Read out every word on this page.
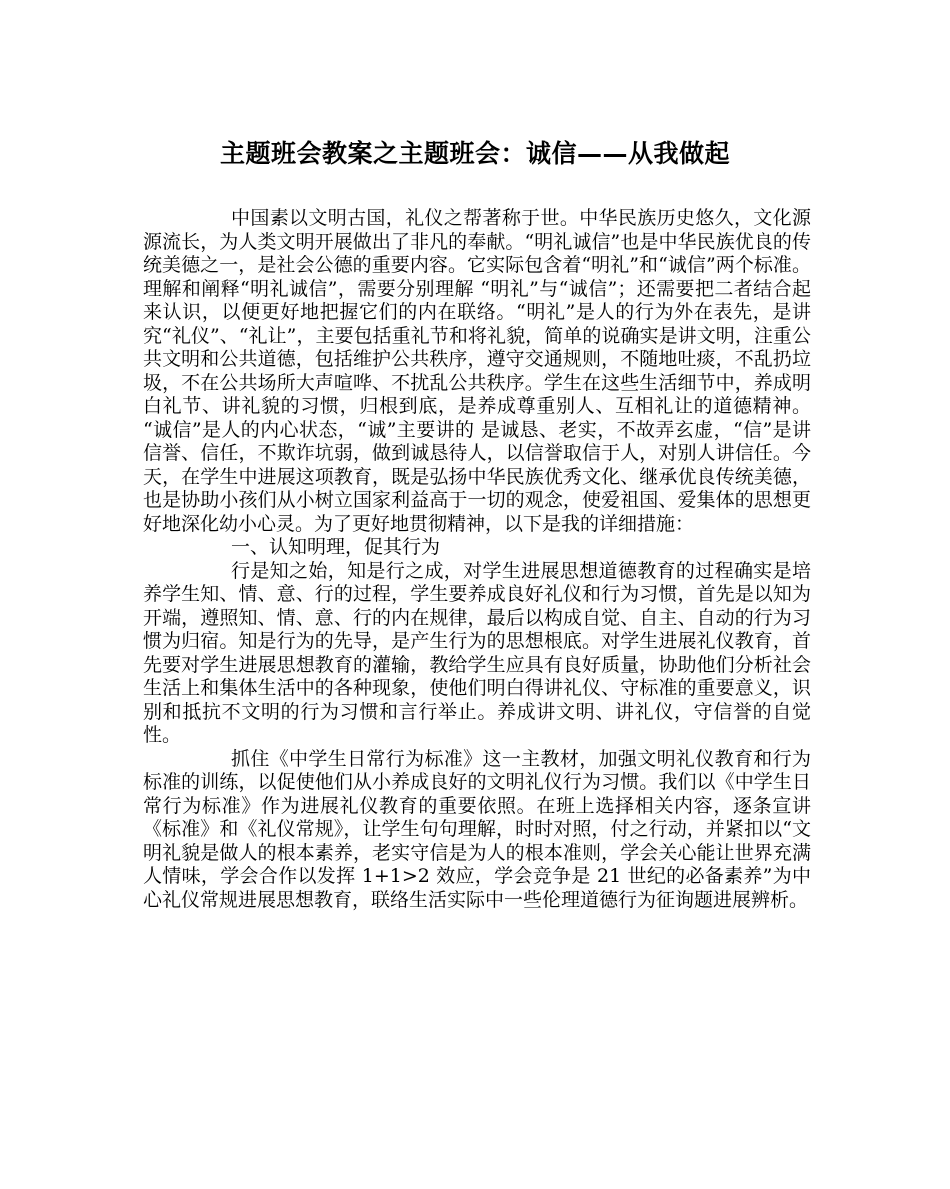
主题班会教案之主题班会：诚信——从我做起

中国素以文明古国，礼仪之帮著称于世。中华民族历史悠久，文化源源流长，为人类文明开展做出了非凡的奉献。“明礼诚信”也是中华民族优良的传统美德之一，是社会公德的重要内容。它实际包含着“明礼”和“诚信”两个标准。理解和阐释“明礼诚信”，需要分别理解 “明礼”与“诚信”；还需要把二者结合起来认识，以便更好地把握它们的内在联络。“明礼”是人的行为外在表先，是讲究“礼仪”、“礼让”，主要包括重礼节和将礼貌，简单的说确实是讲文明，注重公共文明和公共道德，包括维护公共秩序，遵守交通规则，不随地吐痰，不乱扔垃圾，不在公共场所大声喧哗、不扰乱公共秩序。学生在这些生活细节中，养成明白礼节、讲礼貌的习惯，归根到底，是养成尊重别人、互相礼让的道德精神。 “诚信”是人的内心状态，“诚”主要讲的 是诚恳、老实，不故弄玄虚，“信”是讲信誉、信任，不欺诈坑弱，做到诚恳待人，以信誉取信于人，对别人讲信任。今天，在学生中进展这项教育，既是弘扬中华民族优秀文化、继承优良传统美德，也是协助小孩们从小树立国家利益高于一切的观念，使爱祖国、爱集体的思想更好地深化幼小心灵。为了更好地贯彻精神，以下是我的详细措施：

一、认知明理，促其行为

行是知之始，知是行之成，对学生进展思想道德教育的过程确实是培养学生知、情、意、行的过程，学生要养成良好礼仪和行为习惯，首先是以知为开端，遵照知、情、意、行的内在规律，最后以构成自觉、自主、自动的行为习惯为归宿。知是行为的先导，是产生行为的思想根底。对学生进展礼仪教育，首先要对学生进展思想教育的灌输，教给学生应具有良好质量，协助他们分析社会生活上和集体生活中的各种现象，使他们明白得讲礼仪、守标准的重要意义，识别和抵抗不文明的行为习惯和言行举止。养成讲文明、讲礼仪，守信誉的自觉性。

抓住《中学生日常行为标准》这一主教材，加强文明礼仪教育和行为标准的训练，以促使他们从小养成良好的文明礼仪行为习惯。我们以《中学生日常行为标准》作为进展礼仪教育的重要依照。在班上选择相关内容，逐条宣讲《标准》和《礼仪常规》，让学生句句理解，时时对照，付之行动，并紧扣以“文明礼貌是做人的根本素养，老实守信是为人的根本准则，学会关心能让世界充满人情味，学会合作以发挥 1+1>2 效应，学会竞争是 21 世纪的必备素养”为中心礼仪常规进展思想教育，联络生活实际中一些伦理道德行为征询题进展辨析。
